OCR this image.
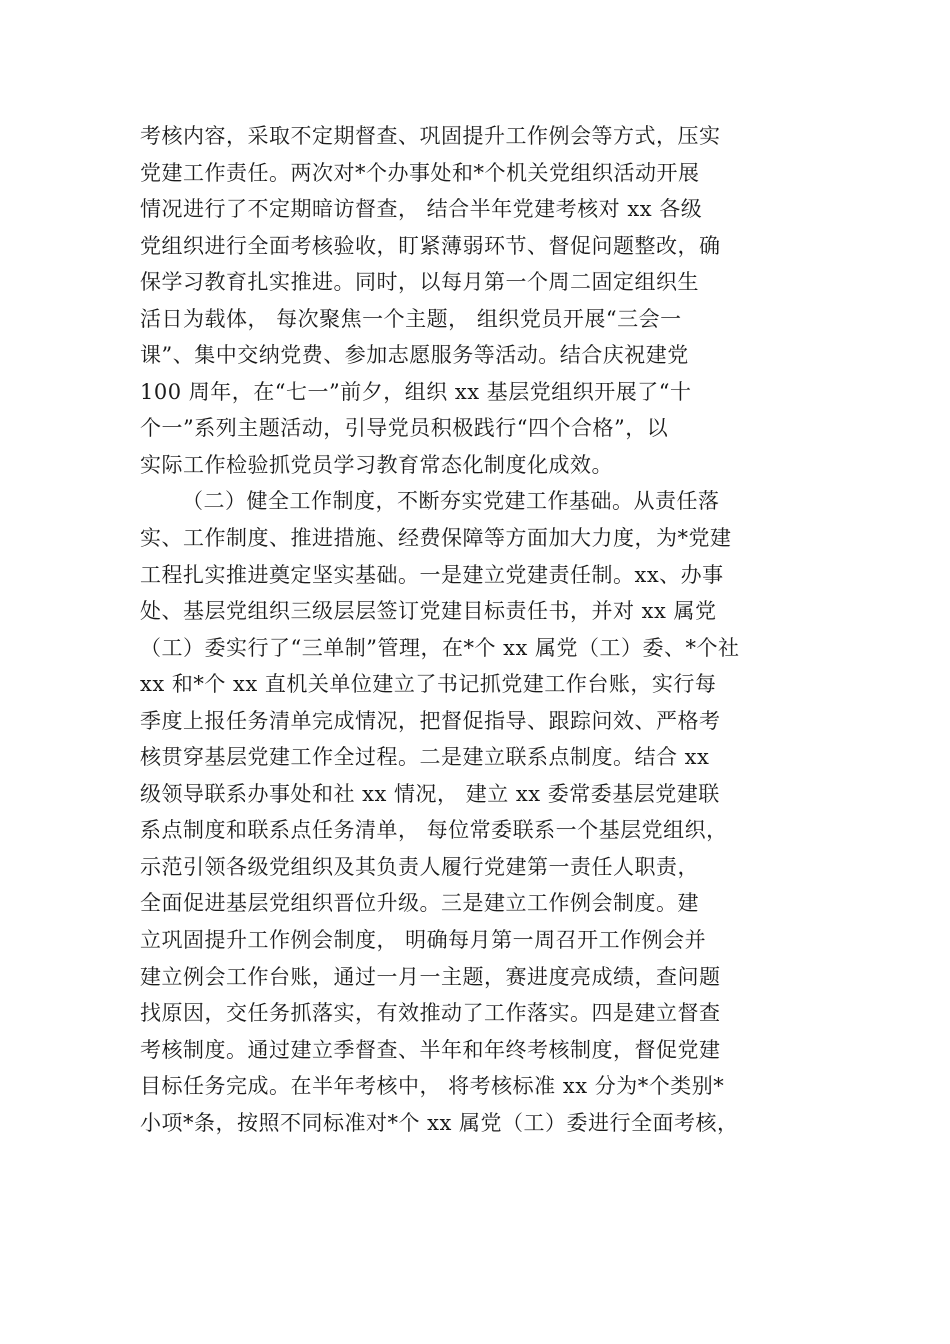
考核内容，采取不定期督查、巩固提升工作例会等方式，压实
党建工作责任。两次对*个办事处和*个机关党组织活动开展
情况进行了不定期暗访督查， 结合半年党建考核对 xx 各级
党组织进行全面考核验收，盯紧薄弱环节、督促问题整改，确
保学习教育扎实推进。同时，以每月第一个周二固定组织生
活日为载体， 每次聚焦一个主题， 组织党员开展“三会一
课”、集中交纳党费、参加志愿服务等活动。结合庆祝建党
100 周年，在“七一”前夕，组织 xx 基层党组织开展了“十
个一”系列主题活动，引导党员积极践行“四个合格”，以
实际工作检验抓党员学习教育常态化制度化成效。
（二）健全工作制度，不断夯实党建工作基础。从责任落
实、工作制度、推进措施、经费保障等方面加大力度，为*党建
工程扎实推进奠定坚实基础。一是建立党建责任制。xx、办事
处、基层党组织三级层层签订党建目标责任书，并对 xx 属党
（工）委实行了“三单制”管理，在*个 xx 属党（工）委、*个社
xx 和*个 xx 直机关单位建立了书记抓党建工作台账，实行每
季度上报任务清单完成情况，把督促指导、跟踪问效、严格考
核贯穿基层党建工作全过程。二是建立联系点制度。结合 xx
级领导联系办事处和社 xx 情况， 建立 xx 委常委基层党建联
系点制度和联系点任务清单， 每位常委联系一个基层党组织，
示范引领各级党组织及其负责人履行党建第一责任人职责，
全面促进基层党组织晋位升级。三是建立工作例会制度。建
立巩固提升工作例会制度， 明确每月第一周召开工作例会并
建立例会工作台账，通过一月一主题，赛进度亮成绩，查问题
找原因，交任务抓落实，有效推动了工作落实。四是建立督查
考核制度。通过建立季督查、半年和年终考核制度，督促党建
目标任务完成。在半年考核中， 将考核标准 xx 分为*个类别*
小项*条，按照不同标准对*个 xx 属党（工）委进行全面考核，
